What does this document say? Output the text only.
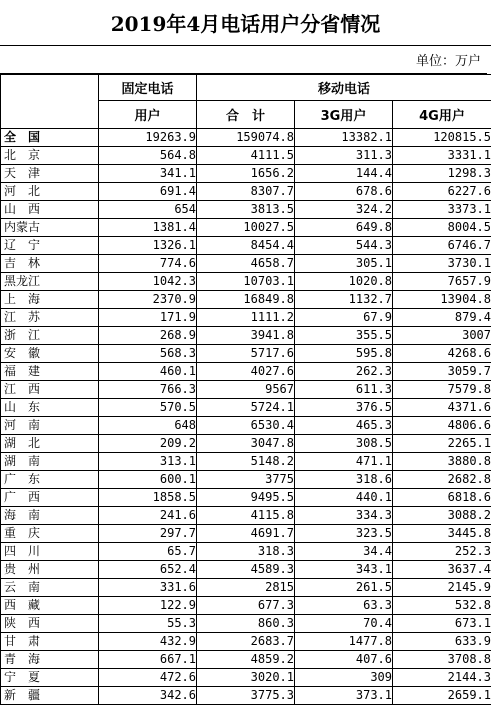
2019年4月电话用户分省情况
单位：万户
	固定电话	移动电话		
	用户	合　计	3G用户	4G用户
全　国	19263.9	159074.8	13382.1	120815.5
北　京	564.8	4111.5	311.3	3331.1
天　津	341.1	1656.2	144.4	1298.3
河　北	691.4	8307.7	678.6	6227.6
山　西	654	3813.5	324.2	3373.1
内蒙古	1381.4	10027.5	649.8	8004.5
辽　宁	1326.1	8454.4	544.3	6746.7
吉　林	774.6	4658.7	305.1	3730.1
黑龙江	1042.3	10703.1	1020.8	7657.9
上　海	2370.9	16849.8	1132.7	13904.8
江　苏	171.9	1111.2	67.9	879.4
浙　江	268.9	3941.8	355.5	3007
安　徽	568.3	5717.6	595.8	4268.6
福　建	460.1	4027.6	262.3	3059.7
江　西	766.3	9567	611.3	7579.8
山　东	570.5	5724.1	376.5	4371.6
河　南	648	6530.4	465.3	4806.6
湖　北	209.2	3047.8	308.5	2265.1
湖　南	313.1	5148.2	471.1	3880.8
广　东	600.1	3775	318.6	2682.8
广　西	1858.5	9495.5	440.1	6818.6
海　南	241.6	4115.8	334.3	3088.2
重　庆	297.7	4691.7	323.5	3445.8
四　川	65.7	318.3	34.4	252.3
贵　州	652.4	4589.3	343.1	3637.4
云　南	331.6	2815	261.5	2145.9
西　藏	122.9	677.3	63.3	532.8
陕　西	55.3	860.3	70.4	673.1
甘　肃	432.9	2683.7	1477.8	633.9
青　海	667.1	4859.2	407.6	3708.8
宁　夏	472.6	3020.1	309	2144.3
新　疆	342.6	3775.3	373.1	2659.1
